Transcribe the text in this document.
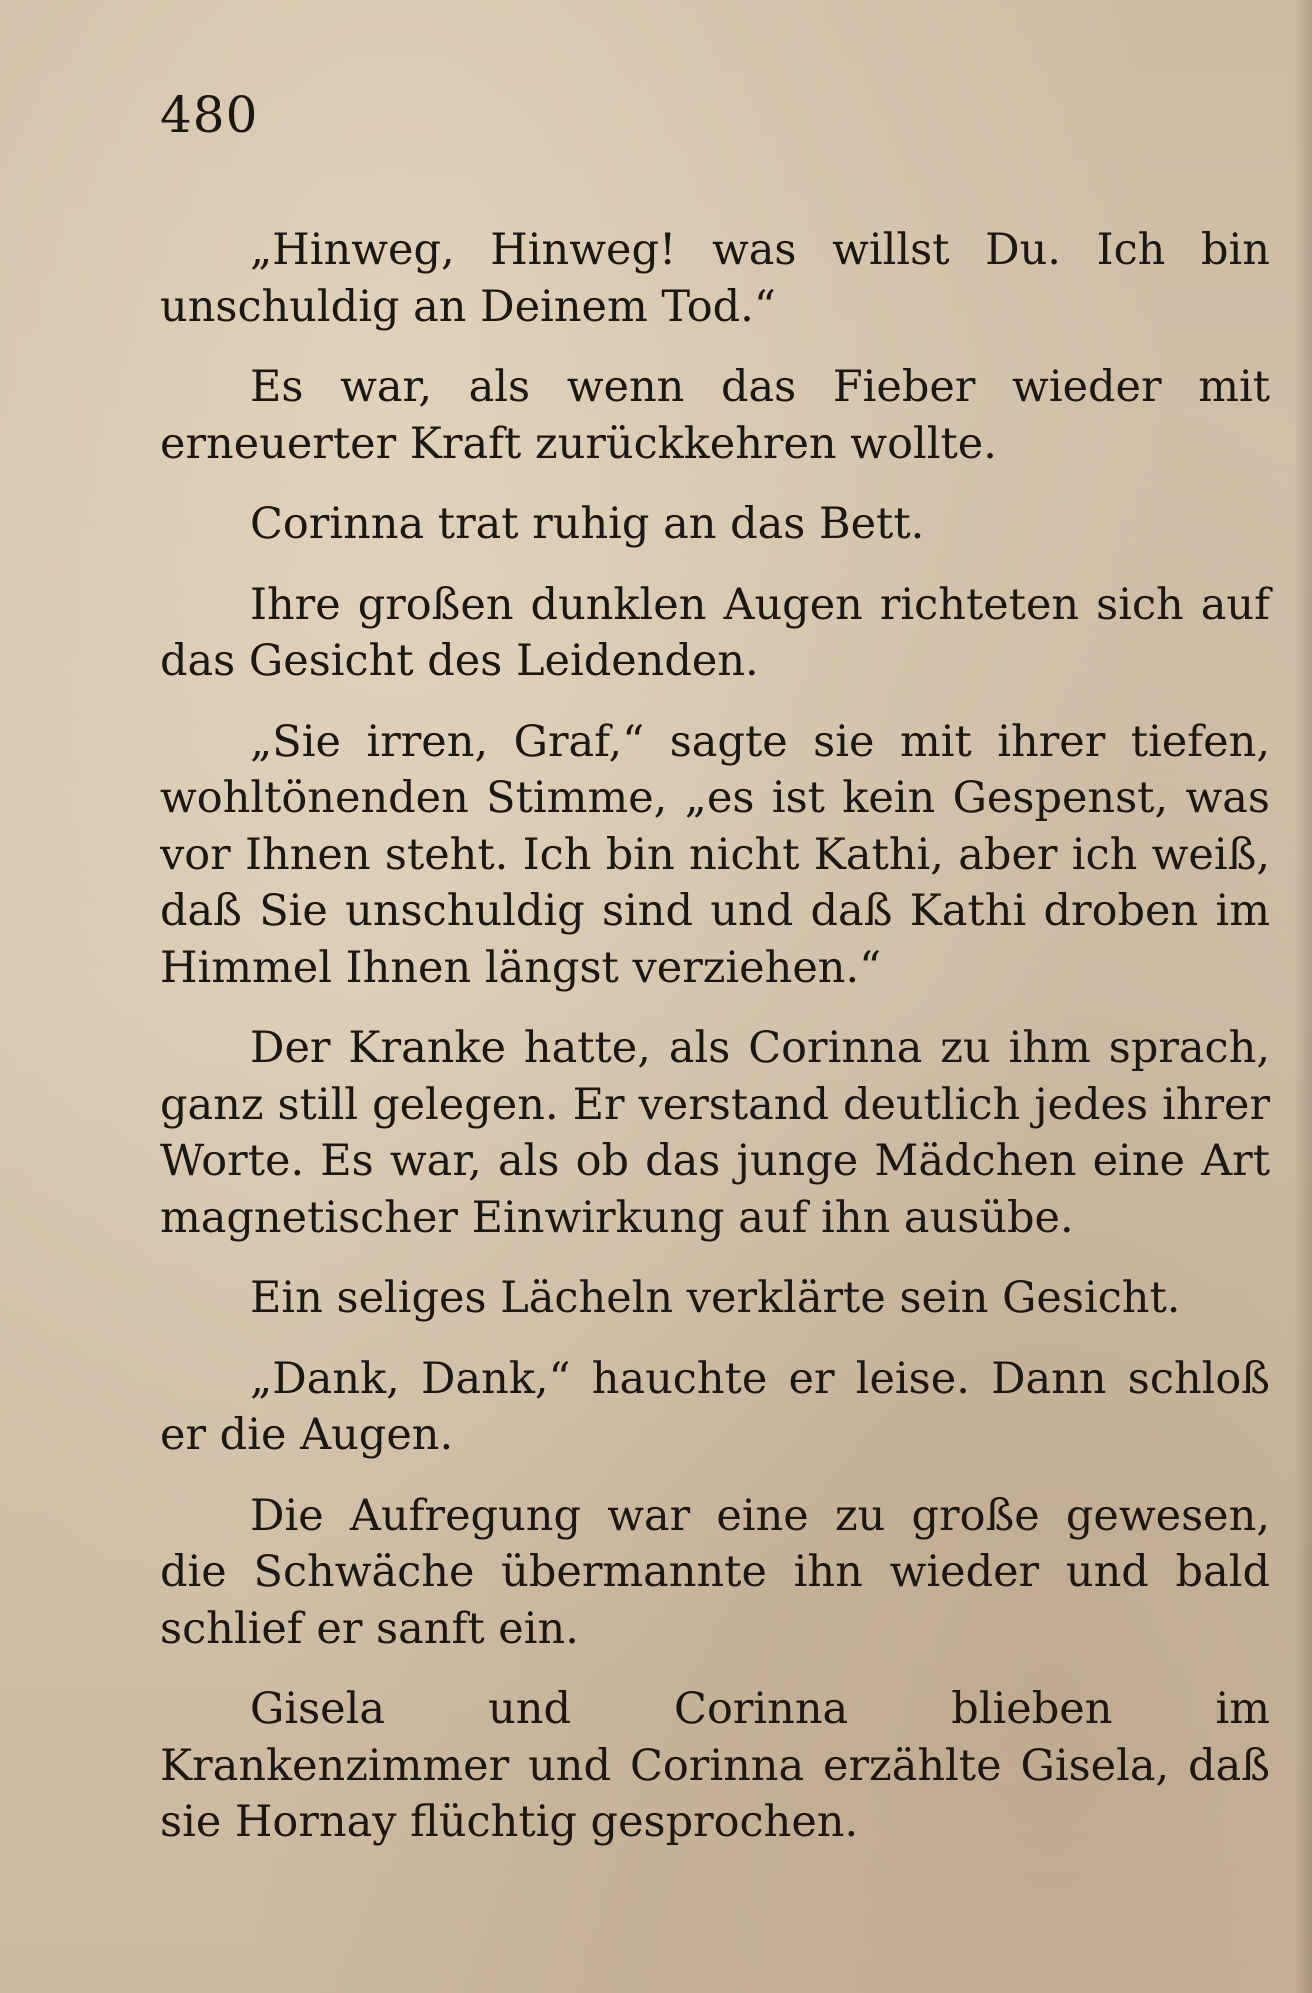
480

„Hinweg, Hinweg! was willst Du. Ich bin unschuldig an Deinem Tod.“

Es war, als wenn das Fieber wieder mit erneuerter Kraft zurückkehren wollte.

Corinna trat ruhig an das Bett.

Ihre großen dunklen Augen richteten sich auf das Gesicht des Leidenden.

„Sie irren, Graf,“ sagte sie mit ihrer tiefen, wohltönenden Stimme, „es ist kein Gespenst, was vor Ihnen steht. Ich bin nicht Kathi, aber ich weiß, daß Sie unschuldig sind und daß Kathi droben im Himmel Ihnen längst verziehen.“

Der Kranke hatte, als Corinna zu ihm sprach, ganz still gelegen. Er verstand deutlich jedes ihrer Worte. Es war, als ob das junge Mädchen eine Art magnetischer Einwirkung auf ihn ausübe.

Ein seliges Lächeln verklärte sein Gesicht.

„Dank, Dank,“ hauchte er leise. Dann schloß er die Augen.

Die Aufregung war eine zu große gewesen, die Schwäche übermannte ihn wieder und bald schlief er sanft ein.

Gisela und Corinna blieben im Krankenzimmer und Corinna erzählte Gisela, daß sie Hornay flüchtig gesprochen.
